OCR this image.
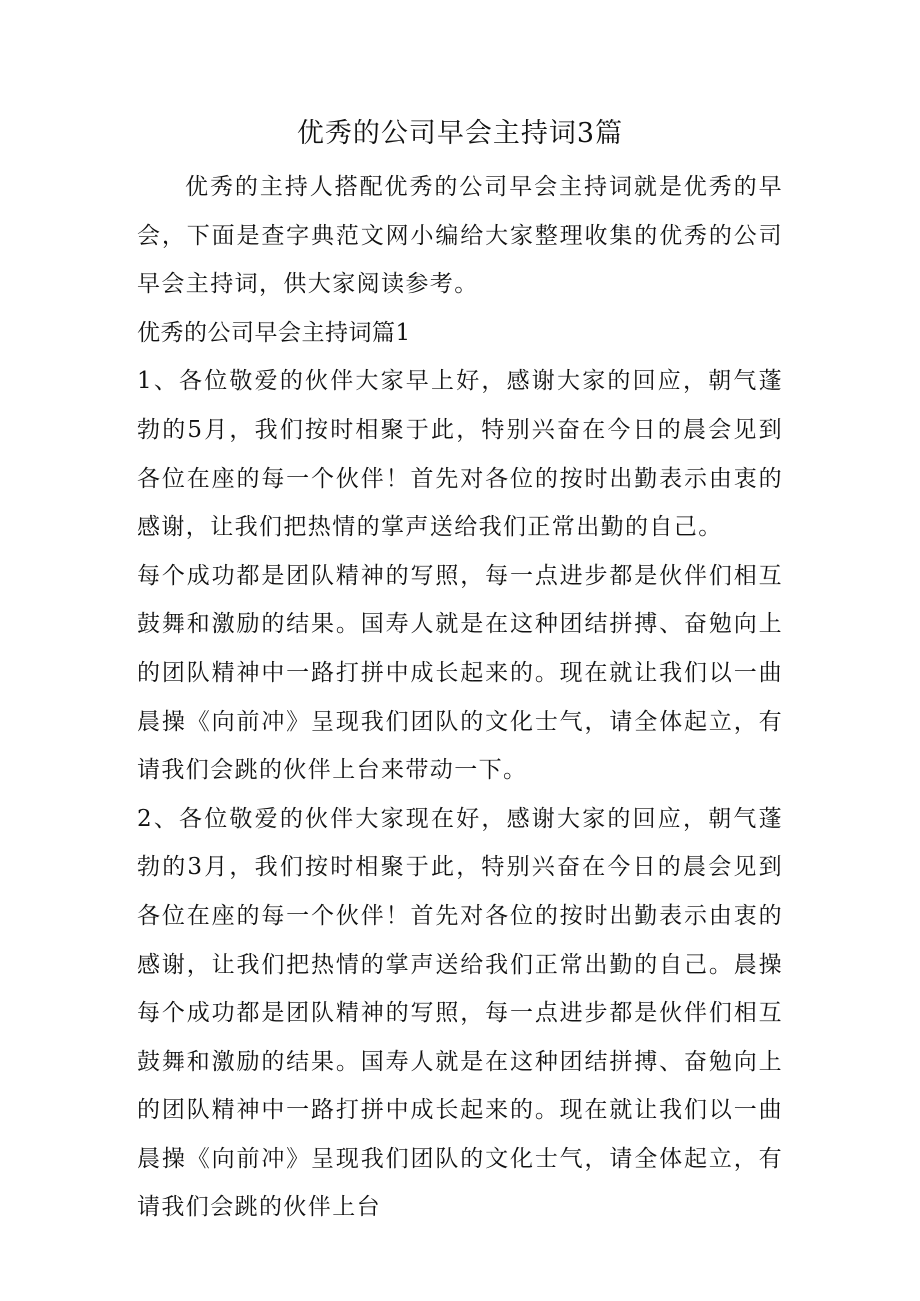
优秀的公司早会主持词3篇

优秀的主持人搭配优秀的公司早会主持词就是优秀的早会，下面是查字典范文网小编给大家整理收集的优秀的公司早会主持词，供大家阅读参考。

优秀的公司早会主持词篇1

1、各位敬爱的伙伴大家早上好，感谢大家的回应，朝气蓬勃的5月，我们按时相聚于此，特别兴奋在今日的晨会见到各位在座的每一个伙伴！首先对各位的按时出勤表示由衷的感谢，让我们把热情的掌声送给我们正常出勤的自己。

每个成功都是团队精神的写照，每一点进步都是伙伴们相互鼓舞和激励的结果。国寿人就是在这种团结拼搏、奋勉向上的团队精神中一路打拼中成长起来的。现在就让我们以一曲晨操《向前冲》呈现我们团队的文化士气，请全体起立，有请我们会跳的伙伴上台来带动一下。

2、各位敬爱的伙伴大家现在好，感谢大家的回应，朝气蓬勃的3月，我们按时相聚于此，特别兴奋在今日的晨会见到各位在座的每一个伙伴！首先对各位的按时出勤表示由衷的感谢，让我们把热情的掌声送给我们正常出勤的自己。晨操每个成功都是团队精神的写照，每一点进步都是伙伴们相互鼓舞和激励的结果。国寿人就是在这种团结拼搏、奋勉向上的团队精神中一路打拼中成长起来的。现在就让我们以一曲晨操《向前冲》呈现我们团队的文化士气，请全体起立，有请我们会跳的伙伴上台
